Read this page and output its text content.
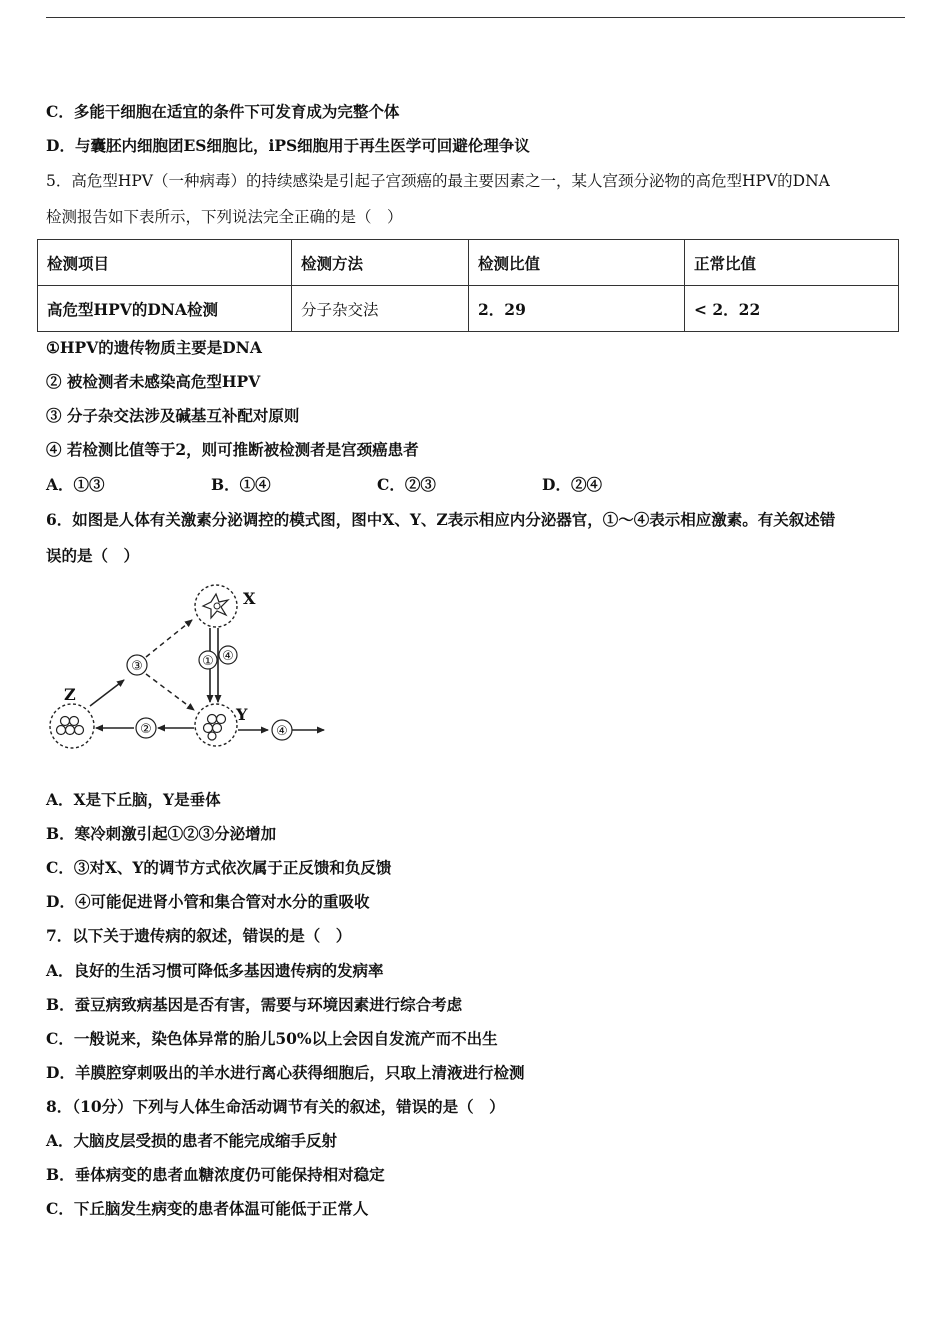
C．多能干细胞在适宜的条件下可发育成为完整个体
D．与囊胚内细胞团ES细胞比，iPS细胞用于再生医学可回避伦理争议
5．高危型HPV（一种病毒）的持续感染是引起子宫颈癌的最主要因素之一，某人宫颈分泌物的高危型HPV的DNA
检测报告如下表所示，下列说法完全正确的是（　）
检测项目	检测方法	检测比值	正常比值
高危型HPV的DNA检测	分子杂交法	2．29	< 2．22
①HPV的遗传物质主要是DNA
② 被检测者未感染高危型HPV
③ 分子杂交法涉及碱基互补配对原则
④ 若检测比值等于2，则可推断被检测者是宫颈癌患者
A．①③	B．①④	C．②③	D．②④
6．如图是人体有关激素分泌调控的模式图，图中X、Y、Z表示相应内分泌器官，①～④表示相应激素。有关叙述错
误的是（　）
X
Y
Z
① ④
③
②	④
A．X是下丘脑，Y是垂体
B．寒冷刺激引起①②③分泌增加
C．③对X、Y的调节方式依次属于正反馈和负反馈
D．④可能促进肾小管和集合管对水分的重吸收
7．以下关于遗传病的叙述，错误的是（　）
A．良好的生活习惯可降低多基因遗传病的发病率
B．蚕豆病致病基因是否有害，需要与环境因素进行综合考虑
C．一般说来，染色体异常的胎儿50%以上会因自发流产而不出生
D．羊膜腔穿刺吸出的羊水进行离心获得细胞后，只取上清液进行检测
8．（10分）下列与人体生命活动调节有关的叙述，错误的是（　）
A．大脑皮层受损的患者不能完成缩手反射
B．垂体病变的患者血糖浓度仍可能保持相对稳定
C．下丘脑发生病变的患者体温可能低于正常人
